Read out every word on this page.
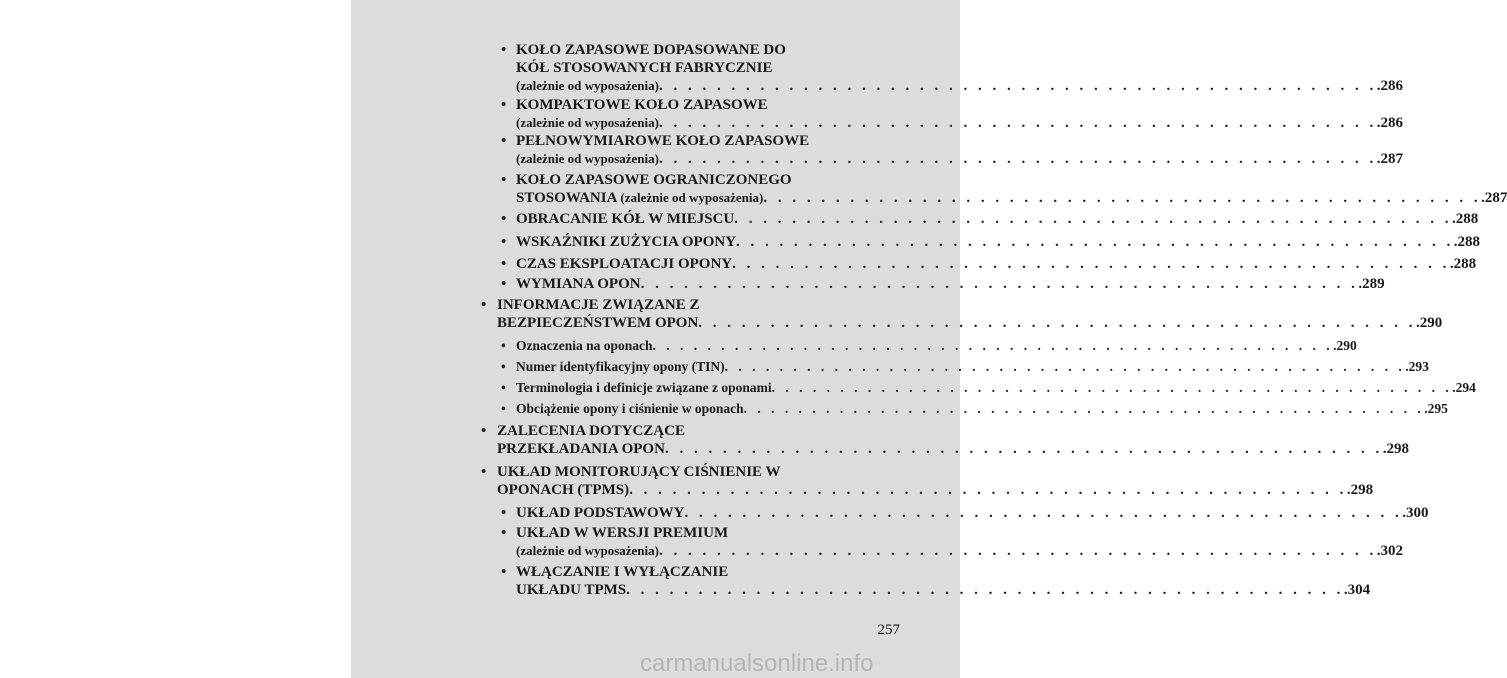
• KOŁO ZAPASOWE DOPASOWANE DO
KÓŁ STOSOWANYCH FABRYCZNIE
(zależnie od wyposażenia) . . . . . . . . . . . . . . . . . . . . . . . . . . . . . . . . . . . . . . . . . . . . . . . . . . .286
• KOMPAKTOWE KOŁO ZAPASOWE
(zależnie od wyposażenia) . . . . . . . . . . . . . . . . . . . . . . . . . . . . . . . . . . . . . . . . . . . . . . . . . . .286
• PEŁNOWYMIAROWE KOŁO ZAPASOWE
(zależnie od wyposażenia) . . . . . . . . . . . . . . . . . . . . . . . . . . . . . . . . . . . . . . . . . . . . . . . . . . .287
• KOŁO ZAPASOWE OGRANICZONEGO
STOSOWANIA (zależnie od wyposażenia) . . . . . . . . . . . . . . . . . . . . . . . . . . . . . . . . . . . . . . . . . . . . . . . . . . .287
• OBRACANIE KÓŁ W MIEJSCU . . . . . . . . . . . . . . . . . . . . . . . . . . . . . . . . . . . . . . . . . . . . . . . . . . .288
• WSKAŹNIKI ZUŻYCIA OPONY . . . . . . . . . . . . . . . . . . . . . . . . . . . . . . . . . . . . . . . . . . . . . . . . . . .288
• CZAS EKSPLOATACJI OPONY . . . . . . . . . . . . . . . . . . . . . . . . . . . . . . . . . . . . . . . . . . . . . . . . . . .288
• WYMIANA OPON . . . . . . . . . . . . . . . . . . . . . . . . . . . . . . . . . . . . . . . . . . . . . . . . . . .289
• INFORMACJE ZWIĄZANE Z
BEZPIECZEŃSTWEM OPON . . . . . . . . . . . . . . . . . . . . . . . . . . . . . . . . . . . . . . . . . . . . . . . . . . .290
• Oznaczenia na oponach . . . . . . . . . . . . . . . . . . . . . . . . . . . . . . . . . . . . . . . . . . . . . . . . . . .290
• Numer identyfikacyjny opony (TIN) . . . . . . . . . . . . . . . . . . . . . . . . . . . . . . . . . . . . . . . . . . . . . . . . . . .293
• Terminologia i definicje związane z oponami . . . . . . . . . . . . . . . . . . . . . . . . . . . . . . . . . . . . . . . . . . . . . . . . . . .294
• Obciążenie opony i ciśnienie w oponach . . . . . . . . . . . . . . . . . . . . . . . . . . . . . . . . . . . . . . . . . . . . . . . . . . .295
• ZALECENIA DOTYCZĄCE
PRZEKŁADANIA OPON . . . . . . . . . . . . . . . . . . . . . . . . . . . . . . . . . . . . . . . . . . . . . . . . . . .298
• UKŁAD MONITORUJĄCY CIŚNIENIE W
OPONACH (TPMS) . . . . . . . . . . . . . . . . . . . . . . . . . . . . . . . . . . . . . . . . . . . . . . . . . . .298
• UKŁAD PODSTAWOWY . . . . . . . . . . . . . . . . . . . . . . . . . . . . . . . . . . . . . . . . . . . . . . . . . . .300
• UKŁAD W WERSJI PREMIUM
(zależnie od wyposażenia) . . . . . . . . . . . . . . . . . . . . . . . . . . . . . . . . . . . . . . . . . . . . . . . . . . .302
• WŁĄCZANIE I WYŁĄCZANIE
UKŁADU TPMS . . . . . . . . . . . . . . . . . . . . . . . . . . . . . . . . . . . . . . . . . . . . . . . . . . .304
257
carmanualsonline.info
